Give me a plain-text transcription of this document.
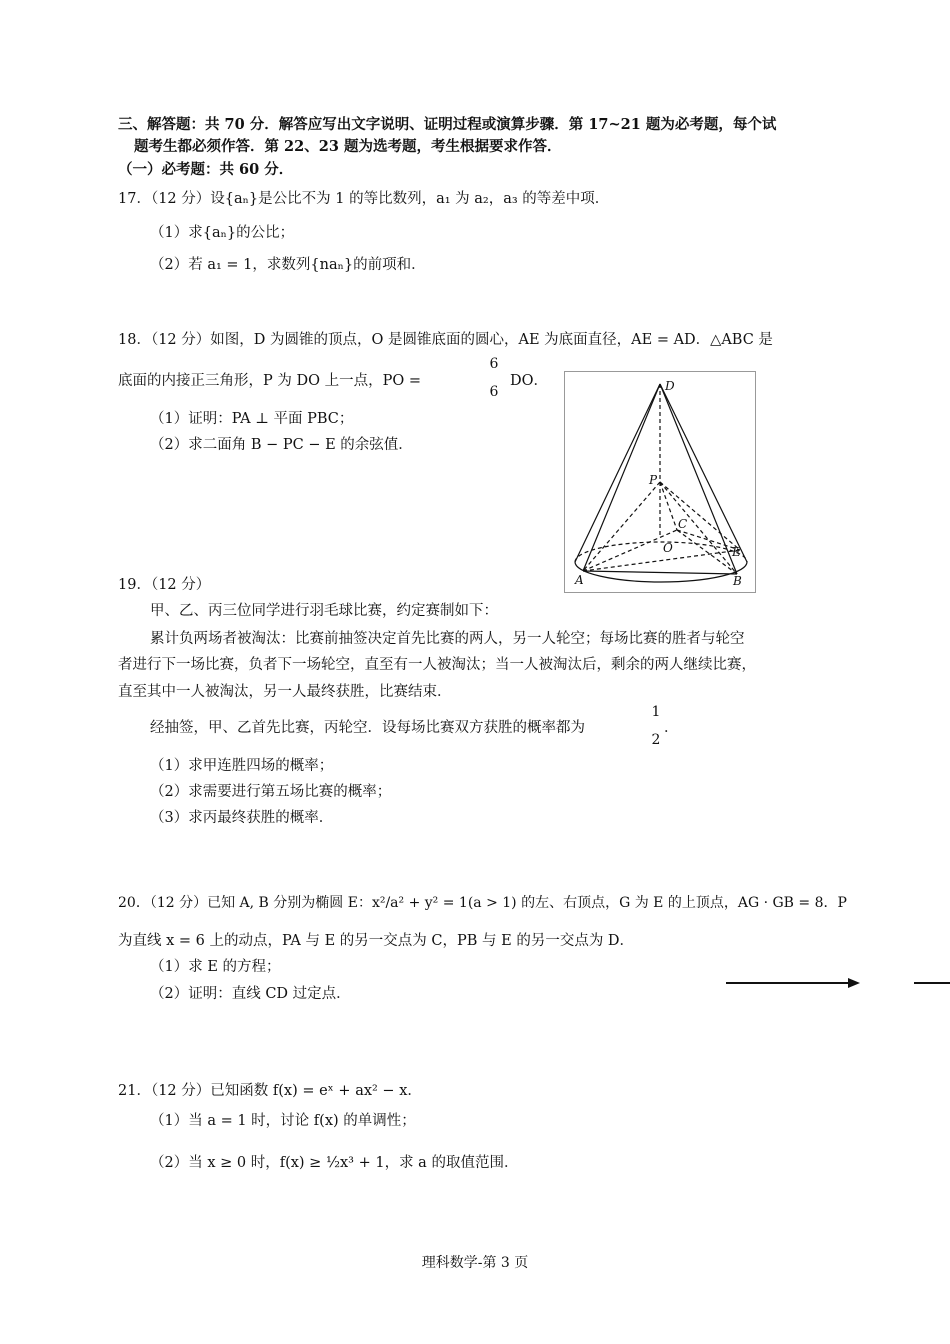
三、解答题：共 70 分．解答应写出文字说明、证明过程或演算步骤．第 17~21 题为必考题，每个试
题考生都必须作答．第 22、23 题为选考题，考生根据要求作答．
（一）必考题：共 60 分．
17．（12 分）设{aₙ}是公比不为 1 的等比数列，a₁ 为 a₂，a₃ 的等差中项．
（1）求{aₙ}的公比；
（2）若 a₁ = 1，求数列{naₙ}的前项和．
18．（12 分）如图，D 为圆锥的顶点，O 是圆锥底面的圆心，AE 为底面直径，AE = AD．△ABC 是
底面的内接正三角形，P 为 DO 上一点，PO =
6
6
DO．
（1）证明：PA ⊥ 平面 PBC；
（2）求二面角 B − PC − E 的余弦值．
D
P
C
O	E
A	B
19．（12 分）
甲、乙、丙三位同学进行羽毛球比赛，约定赛制如下：
累计负两场者被淘汰：比赛前抽签决定首先比赛的两人，另一人轮空；每场比赛的胜者与轮空
者进行下一场比赛，负者下一场轮空，直至有一人被淘汰；当一人被淘汰后，剩余的两人继续比赛，
直至其中一人被淘汰，另一人最终获胜，比赛结束．
经抽签，甲、乙首先比赛，丙轮空．设每场比赛双方获胜的概率都为
1
2
．
（1）求甲连胜四场的概率；
（2）求需要进行第五场比赛的概率；
（3）求丙最终获胜的概率．
20．（12 分）已知 A, B 分别为椭圆 E：x²/a² + y² = 1(a > 1) 的左、右顶点，G 为 E 的上顶点，AG · GB = 8．P
为直线 x = 6 上的动点，PA 与 E 的另一交点为 C，PB 与 E 的另一交点为 D．
（1）求 E 的方程；
（2）证明：直线 CD 过定点．
21．（12 分）已知函数 f(x) = eˣ + ax² − x．
（1）当 a = 1 时，讨论 f(x) 的单调性；
（2）当 x ≥ 0 时，f(x) ≥ ½x³ + 1，求 a 的取值范围．
理科数学-第 3 页
